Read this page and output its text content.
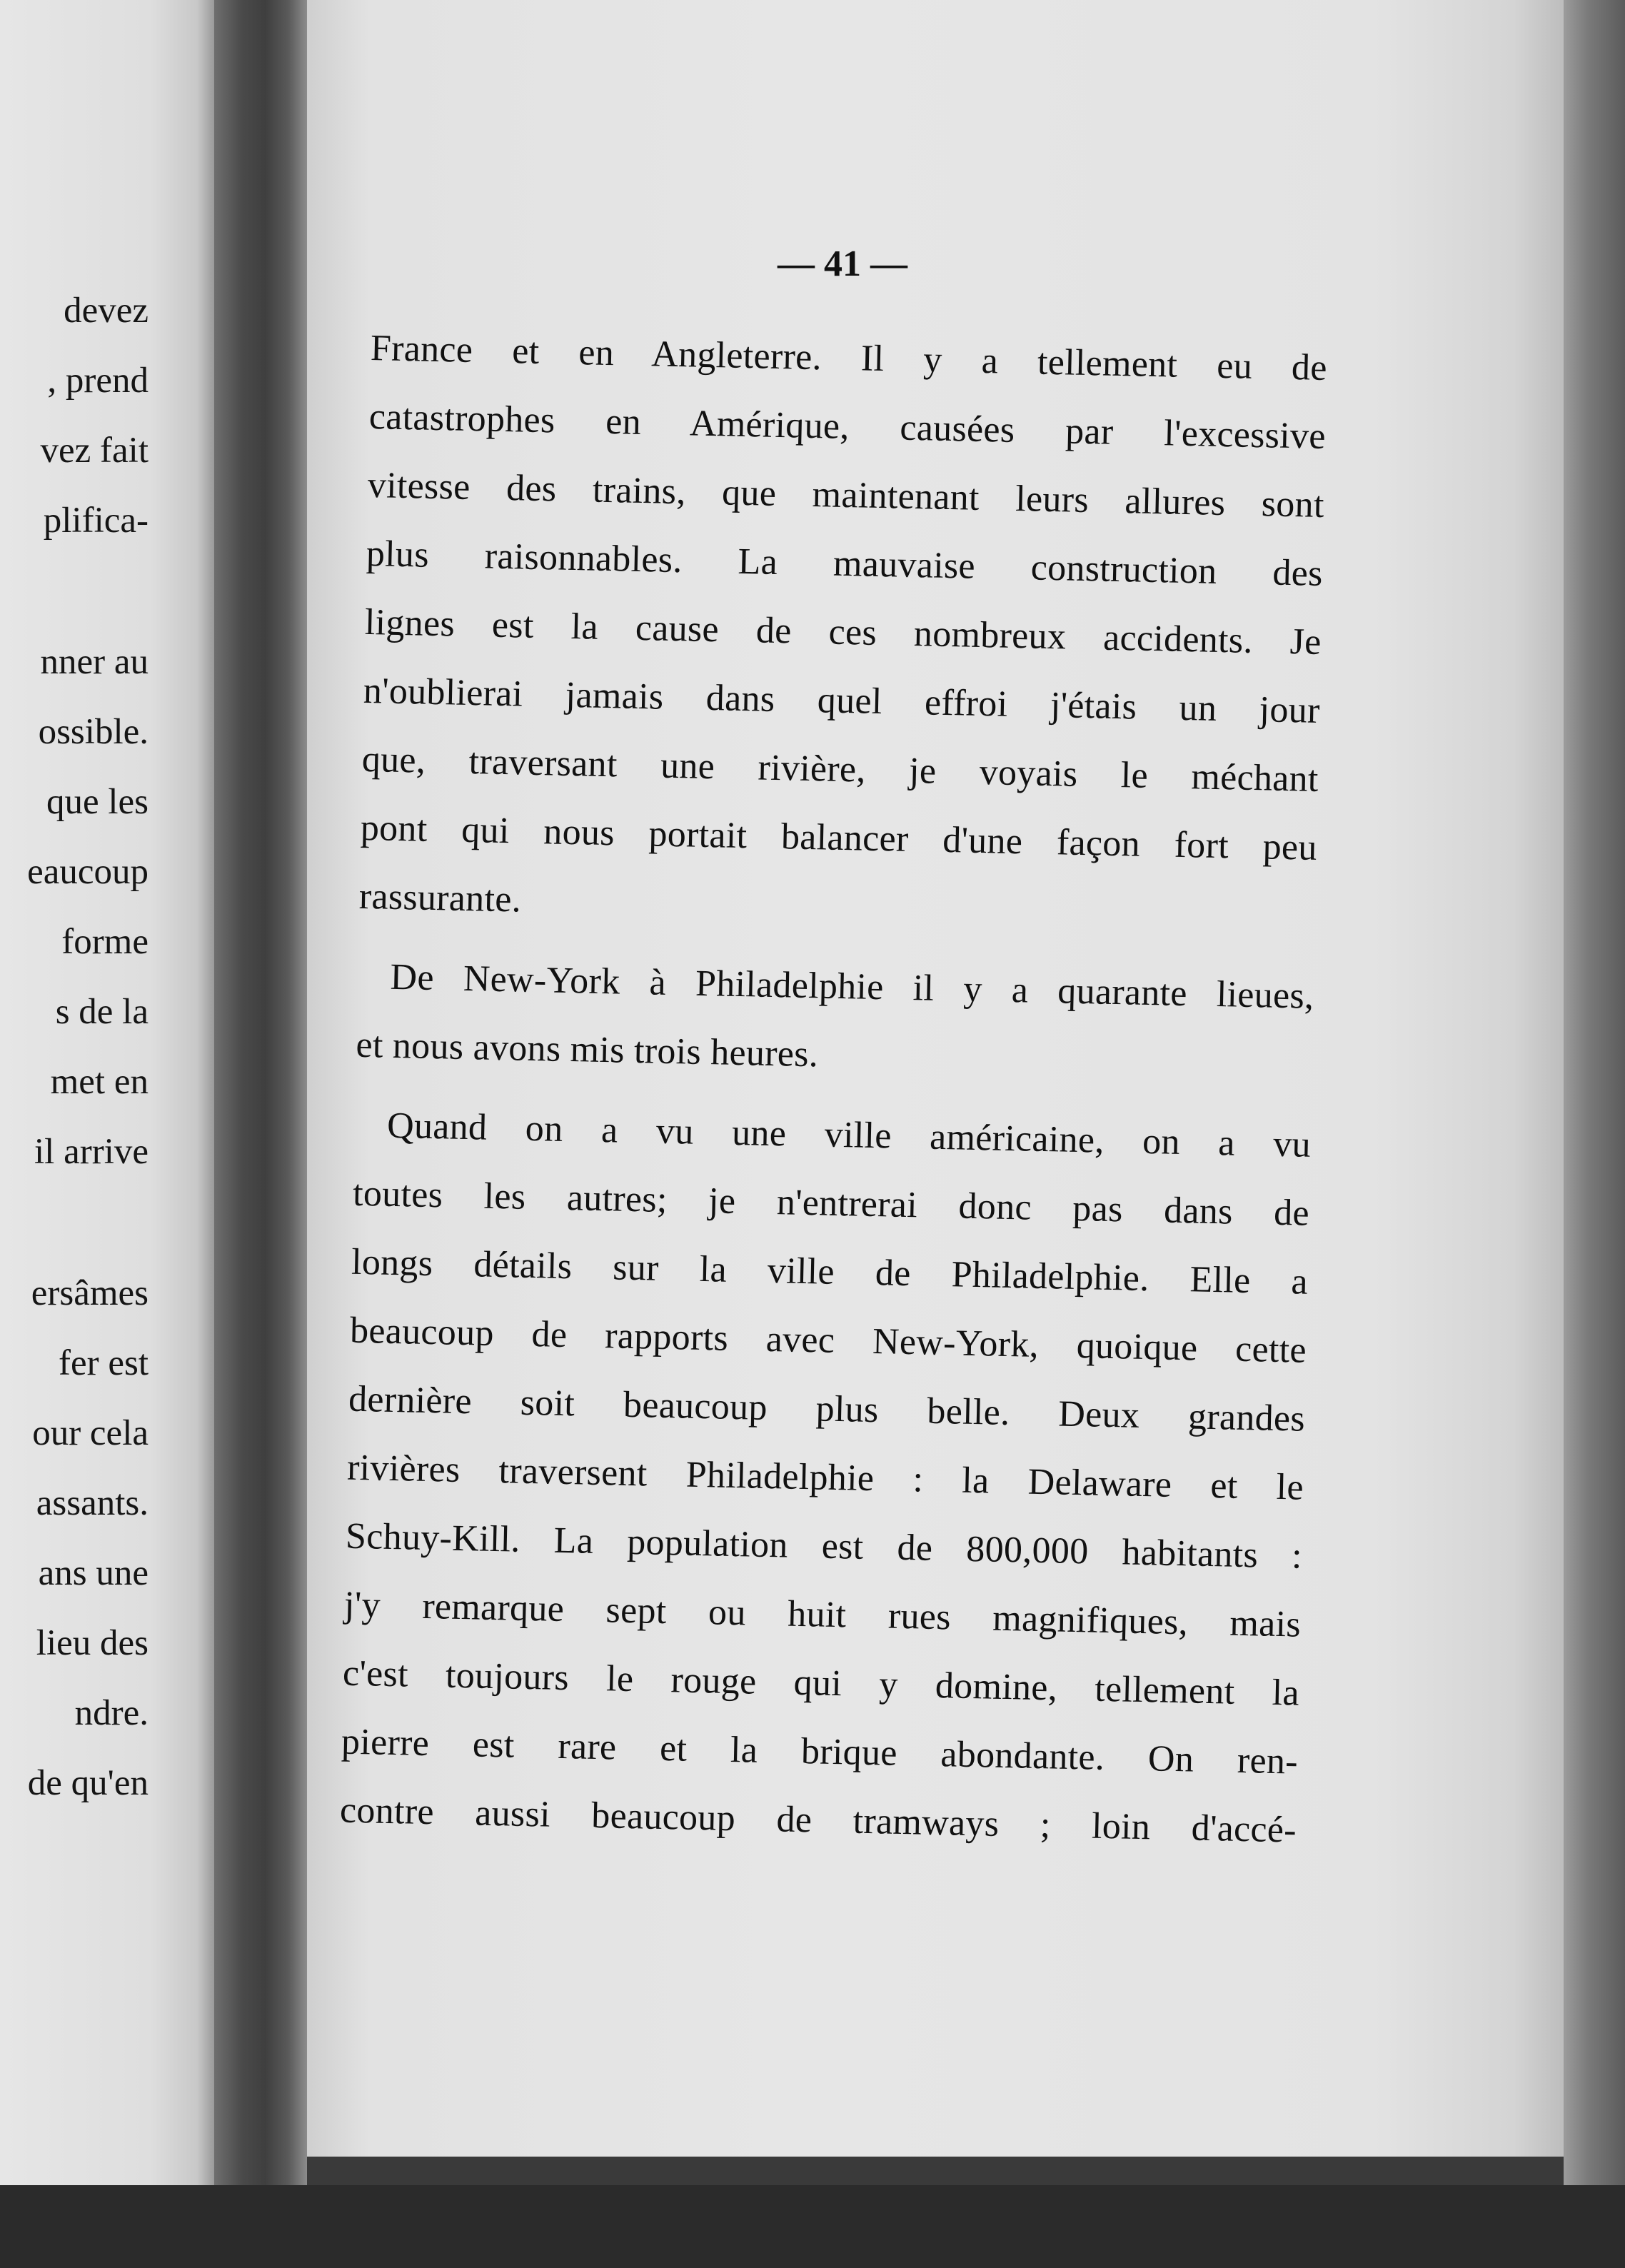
devez
, prend
vez fait
plifica-
nner au
ossible.
que les
eaucoup
forme
s de la
met en
il arrive
ersâmes
fer est
our cela
assants.
ans une
lieu des
ndre.
de qu'en
— 41 —
France et en Angleterre. Il y a tellement eu de
catastrophes en Amérique, causées par l'excessive
vitesse des trains, que maintenant leurs allures sont
plus raisonnables. La mauvaise construction des
lignes est la cause de ces nombreux accidents. Je
n'oublierai jamais dans quel effroi j'étais un jour
que, traversant une rivière, je voyais le méchant
pont qui nous portait balancer d'une façon fort peu
rassurante.
De New-York à Philadelphie il y a quarante lieues,
et nous avons mis trois heures.
Quand on a vu une ville américaine, on a vu
toutes les autres; je n'entrerai donc pas dans de
longs détails sur la ville de Philadelphie. Elle a
beaucoup de rapports avec New-York, quoique cette
dernière soit beaucoup plus belle. Deux grandes
rivières traversent Philadelphie : la Delaware et le
Schuy-Kill. La population est de 800,000 habitants :
j'y remarque sept ou huit rues magnifiques, mais
c'est toujours le rouge qui y domine, tellement la
pierre est rare et la brique abondante. On ren-
contre aussi beaucoup de tramways ; loin d'accé-
